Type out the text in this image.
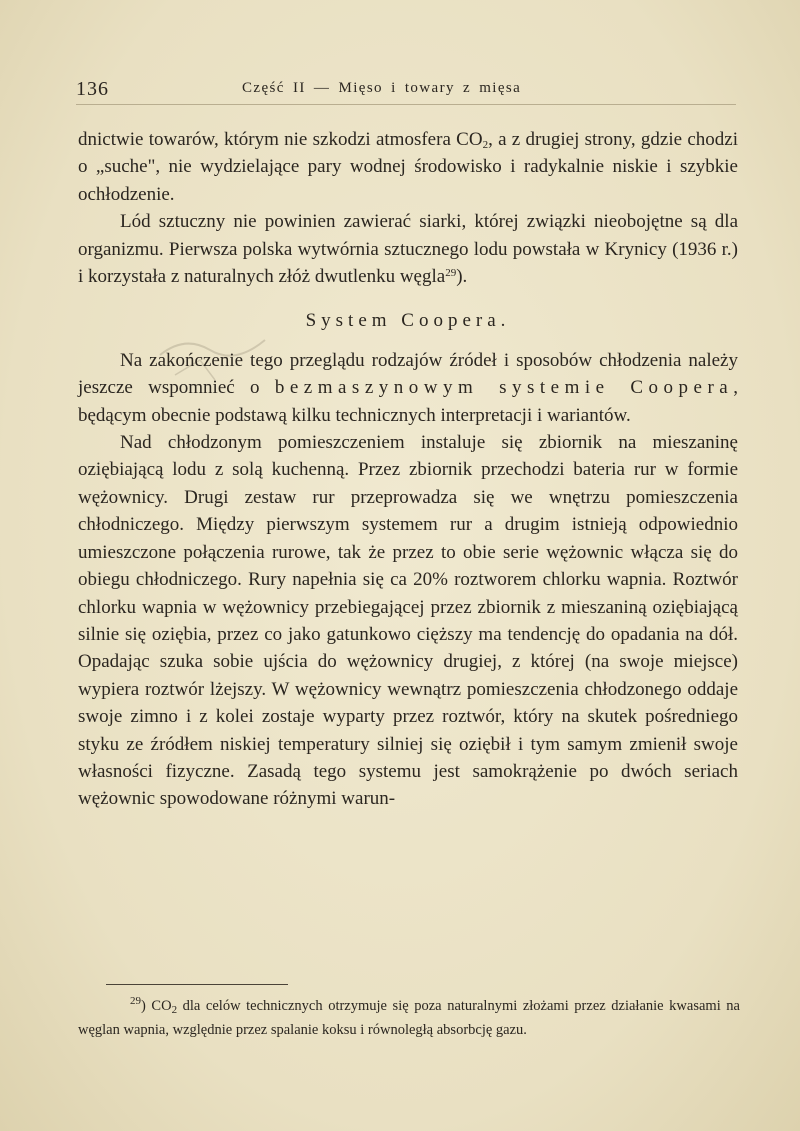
136	Część II — Mięso i towary z mięsa

dnictwie towarów, którym nie szkodzi atmosfera $CO_2$, a z drugiej strony, gdzie chodzi o „suche", nie wydzielające pary wodnej środowisko i radykalnie niskie i szybkie ochłodzenie.

Lód sztuczny nie powinien zawierać siarki, której związki nieobojętne są dla organizmu. Pierwsza polska wytwórnia sztucznego lodu powstała w Krynicy (1936 r.) i korzystała z naturalnych złóż dwutlenku węgla$^{29}$).

System Coopera.

Na zakończenie tego przeglądu rodzajów źródeł i sposobów chłodzenia należy jeszcze wspomnieć o bezmaszynowym systemie Coopera, będącym obecnie podstawą kilku technicznych interpretacji i wariantów.

Nad chłodzonym pomieszczeniem instaluje się zbiornik na mieszaninę oziębiającą lodu z solą kuchenną. Przez zbiornik przechodzi bateria rur w formie wężownicy. Drugi zestaw rur przeprowadza się we wnętrzu pomieszczenia chłodniczego. Między pierwszym systemem rur a drugim istnieją odpowiednio umieszczone połączenia rurowe, tak że przez to obie serie wężownic włącza się do obiegu chłodniczego. Rury napełnia się ca 20% roztworem chlorku wapnia. Roztwór chlorku wapnia w wężownicy przebiegającej przez zbiornik z mieszaniną oziębiającą silnie się oziębia, przez co jako gatunkowo cięższy ma tendencję do opadania na dół. Opadając szuka sobie ujścia do wężownicy drugiej, z której (na swoje miejsce) wypiera roztwór lżejszy. W wężownicy wewnątrz pomieszczenia chłodzonego oddaje swoje zimno i z kolei zostaje wyparty przez roztwór, który na skutek pośredniego styku ze źródłem niskiej temperatury silniej się oziębił i tym samym zmienił swoje własności fizyczne. Zasadą tego systemu jest samokrążenie po dwóch seriach wężownic spowodowane różnymi warun-

$^{29}$) $CO_2$ dla celów technicznych otrzymuje się poza naturalnymi złożami przez działanie kwasami na węglan wapnia, względnie przez spalanie koksu i równoległą absorbcję gazu.
